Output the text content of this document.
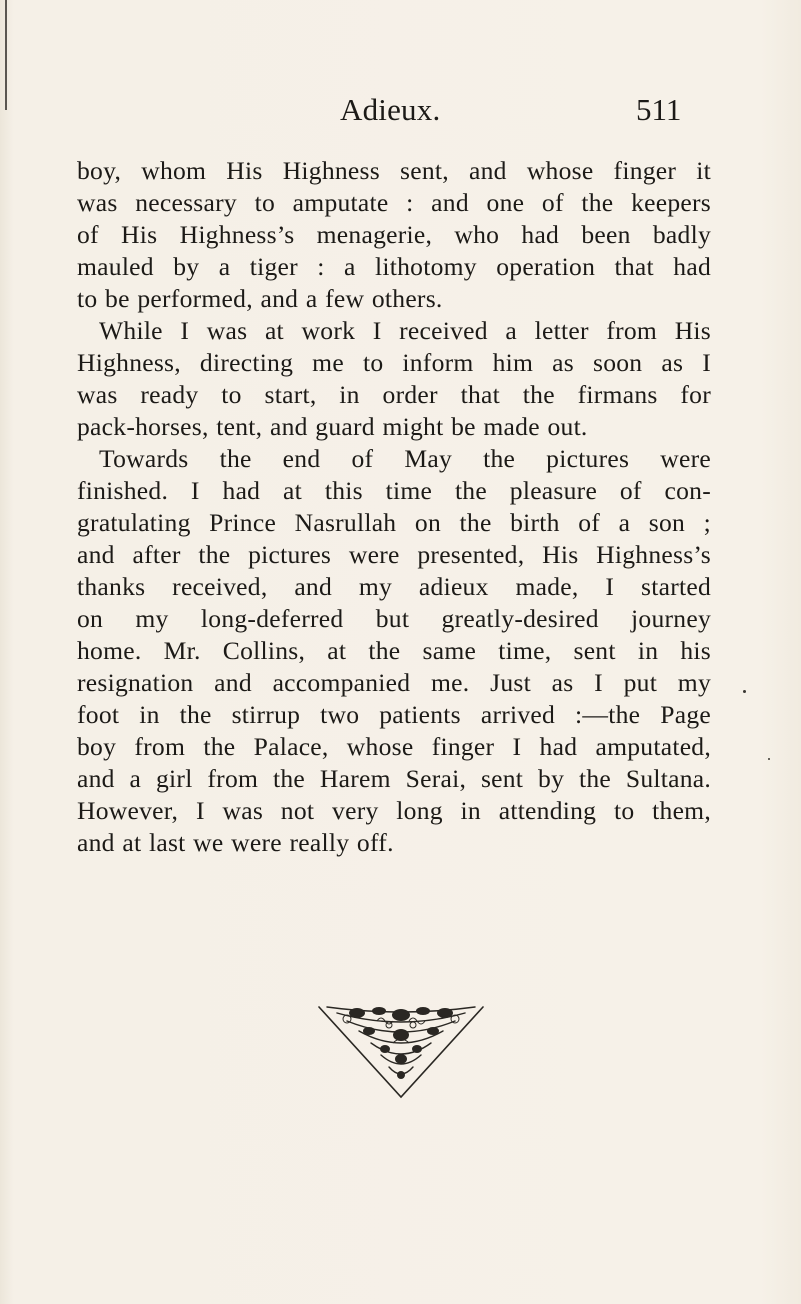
Adieux.	511
boy, whom His Highness sent, and whose finger it
was necessary to amputate : and one of the keepers
of His Highness’s menagerie, who had been badly
mauled by a tiger : a lithotomy operation that had
to be performed, and a few others.
While I was at work I received a letter from His
Highness, directing me to inform him as soon as I
was ready to start, in order that the firmans for
pack-horses, tent, and guard might be made out.
Towards the end of May the pictures were
finished. I had at this time the pleasure of con-
gratulating Prince Nasrullah on the birth of a son ;
and after the pictures were presented, His Highness’s
thanks received, and my adieux made, I started
on my long-deferred but greatly-desired journey
home. Mr. Collins, at the same time, sent in his
resignation and accompanied me. Just as I put my
foot in the stirrup two patients arrived :—the Page
boy from the Palace, whose finger I had amputated,
and a girl from the Harem Serai, sent by the Sultana.
However, I was not very long in attending to them,
and at last we were really off.
